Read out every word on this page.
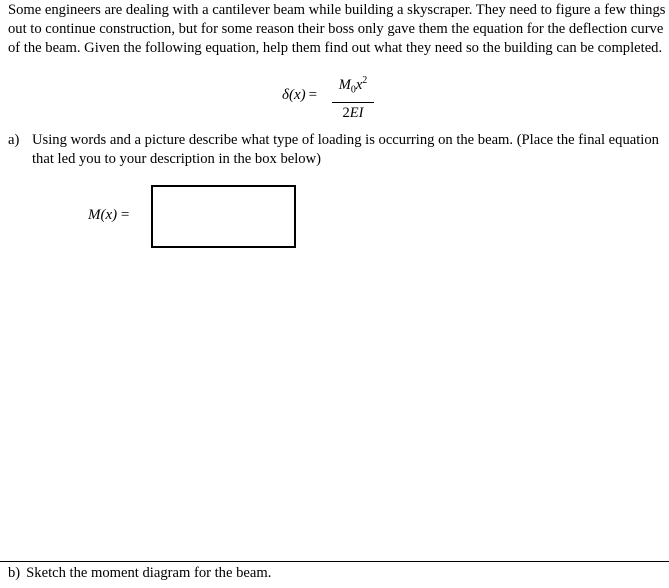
Some engineers are dealing with a cantilever beam while building a skyscraper. They need to figure a few things out to continue construction, but for some reason their boss only gave them the equation for the deflection curve of the beam. Given the following equation, help them find out what they need so the building can be completed.

δ(x) =
$M_0x^2$
2EI
a) Using words and a picture describe what type of loading is occurring on the beam. (Place the final equation that led you to your description in the box below)
M(x) =
b) Sketch the moment diagram for the beam.
